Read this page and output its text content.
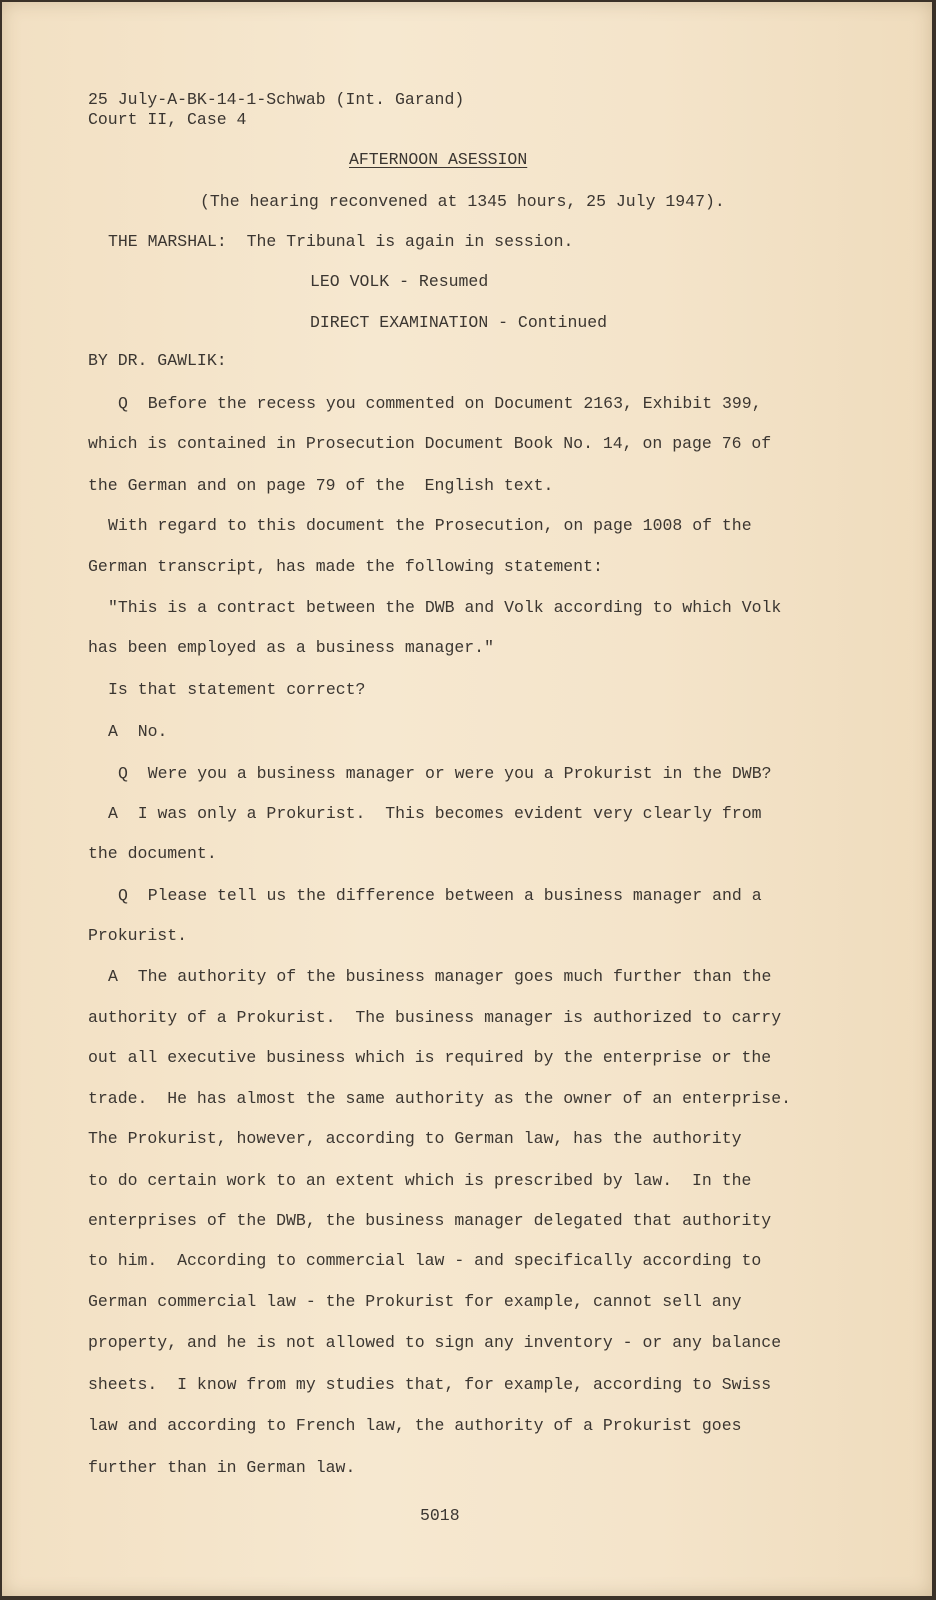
25 July-A-BK-14-1-Schwab (Int. Garand)
Court II, Case 4
AFTERNOON ASESSION
(The hearing reconvened at 1345 hours, 25 July 1947).
THE MARSHAL:  The Tribunal is again in session.
LEO VOLK - Resumed
DIRECT EXAMINATION - Continued
BY DR. GAWLIK:
Q  Before the recess you commented on Document 2163, Exhibit 399,
which is contained in Prosecution Document Book No. 14, on page 76 of
the German and on page 79 of the  English text.
With regard to this document the Prosecution, on page 1008 of the
German transcript, has made the following statement:
"This is a contract between the DWB and Volk according to which Volk
has been employed as a business manager."
Is that statement correct?
A  No.
Q  Were you a business manager or were you a Prokurist in the DWB?
A  I was only a Prokurist.  This becomes evident very clearly from
the document.
Q  Please tell us the difference between a business manager and a
Prokurist.
A  The authority of the business manager goes much further than the
authority of a Prokurist.  The business manager is authorized to carry
out all executive business which is required by the enterprise or the
trade.  He has almost the same authority as the owner of an enterprise.
The Prokurist, however, according to German law, has the authority
to do certain work to an extent which is prescribed by law.  In the
enterprises of the DWB, the business manager delegated that authority
to him.  According to commercial law - and specifically according to
German commercial law - the Prokurist for example, cannot sell any
property, and he is not allowed to sign any inventory - or any balance
sheets.  I know from my studies that, for example, according to Swiss
law and according to French law, the authority of a Prokurist goes
further than in German law.
5018
